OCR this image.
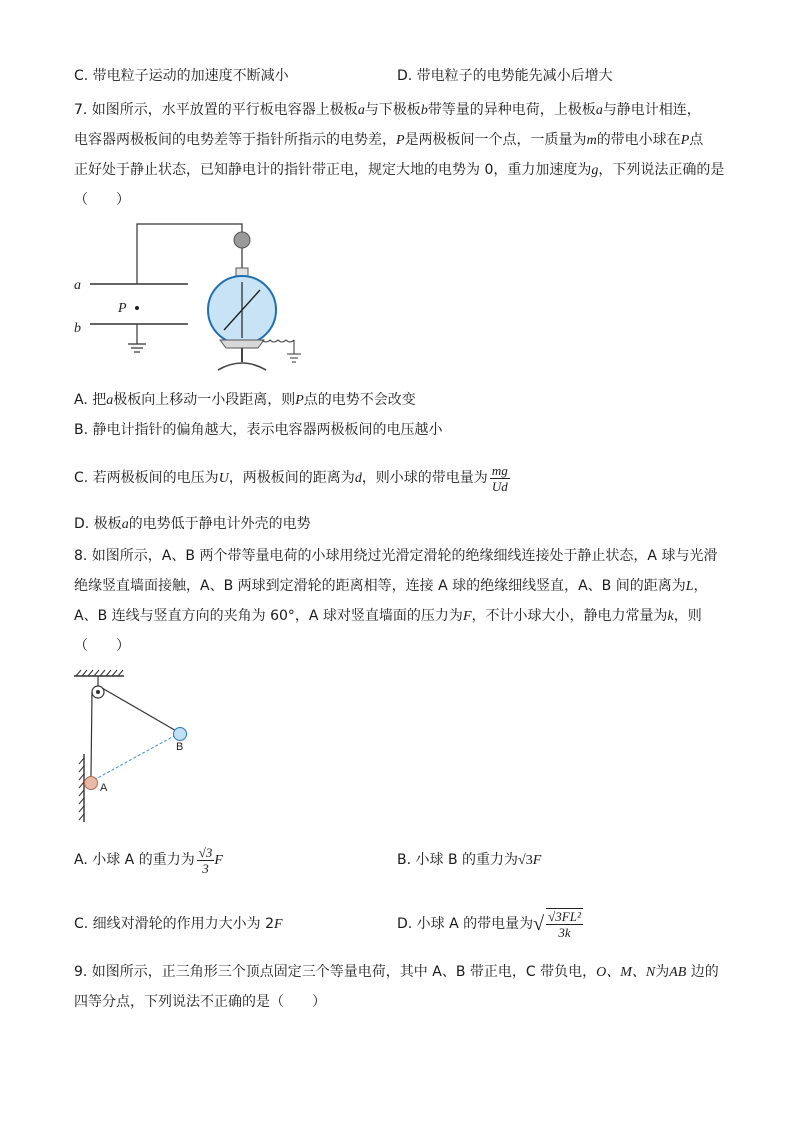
C. 带电粒子运动的加速度不断减小	D. 带电粒子的电势能先减小后增大
7. 如图所示，水平放置的平行板电容器上极板a与下极板b带等量的异种电荷，上极板a与静电计相连，
电容器两极板间的电势差等于指针所指示的电势差，P是两极板间一个点，一质量为m的带电小球在P点
正好处于静止状态，已知静电计的指针带正电，规定大地的电势为 0，重力加速度为g，下列说法正确的是
（　　）
a
b
P
A. 把a极板向上移动一小段距离，则P点的电势不会改变
B. 静电计指针的偏角越大，表示电容器两极板间的电压越小
C. 若两极板间的电压为U，两极板间的距离为d，则小球的带电量为 $\frac{mg}{Ud}$
D. 极板a的电势低于静电计外壳的电势
8. 如图所示，A、B 两个带等量电荷的小球用绕过光滑定滑轮的绝缘细线连接处于静止状态，A 球与光滑
绝缘竖直墙面接触，A、B 两球到定滑轮的距离相等，连接 A 球的绝缘细线竖直，A、B 间的距离为L，
A、B 连线与竖直方向的夹角为 60°，A 球对竖直墙面的压力为F，不计小球大小，静电力常量为k，则
（　　）
B
A
A. 小球 A 的重力为 $\frac{√3}{3}$ F	B. 小球 B 的重力为√3F
C. 细线对滑轮的作用力大小为 2F	D. 小球 A 的带电量为√ $\frac{\text{√3FL²}}{3k}$
9. 如图所示，正三角形三个顶点固定三个等量电荷，其中 A、B 带正电，C 带负电，O、M、N为AB 边的
四等分点，下列说法不正确的是（　　）
